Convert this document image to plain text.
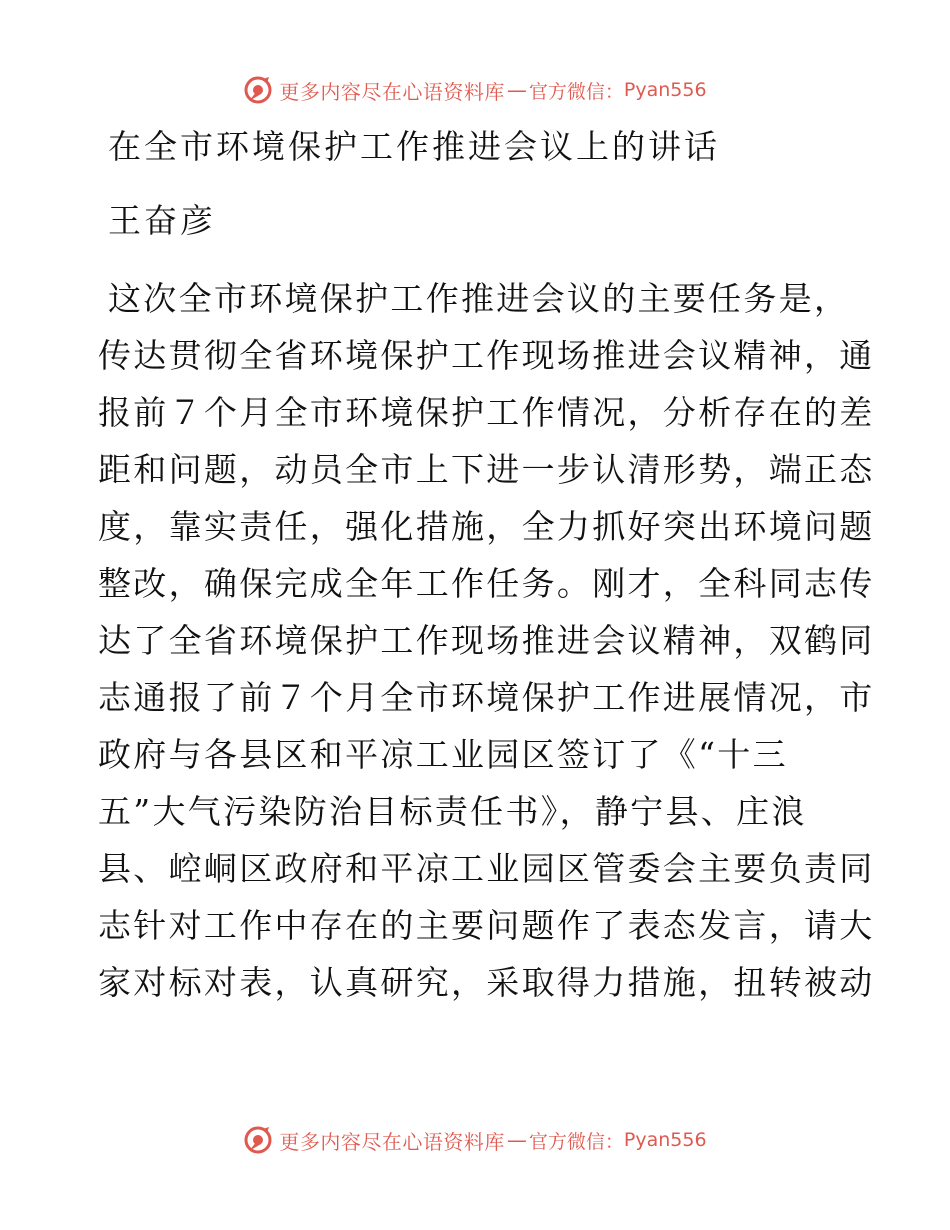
更多内容尽在心语资料库 — 官方微信： Pyan556
在全市环境保护工作推进会议上的讲话
王奋彦
这次全市环境保护工作推进会议的主要任务是，
传达贯彻全省环境保护工作现场推进会议精神，通
报前７个月全市环境保护工作情况，分析存在的差
距和问题，动员全市上下进一步认清形势，端正态
度，靠实责任，强化措施，全力抓好突出环境问题
整改，确保完成全年工作任务。刚才，全科同志传
达了全省环境保护工作现场推进会议精神，双鹤同
志通报了前７个月全市环境保护工作进展情况，市
政府与各县区和平凉工业园区签订了《“十三
五”大气污染防治目标责任书》，静宁县、庄浪
县、崆峒区政府和平凉工业园区管委会主要负责同
志针对工作中存在的主要问题作了表态发言，请大
家对标对表，认真研究，采取得力措施，扭转被动
更多内容尽在心语资料库 — 官方微信： Pyan556
